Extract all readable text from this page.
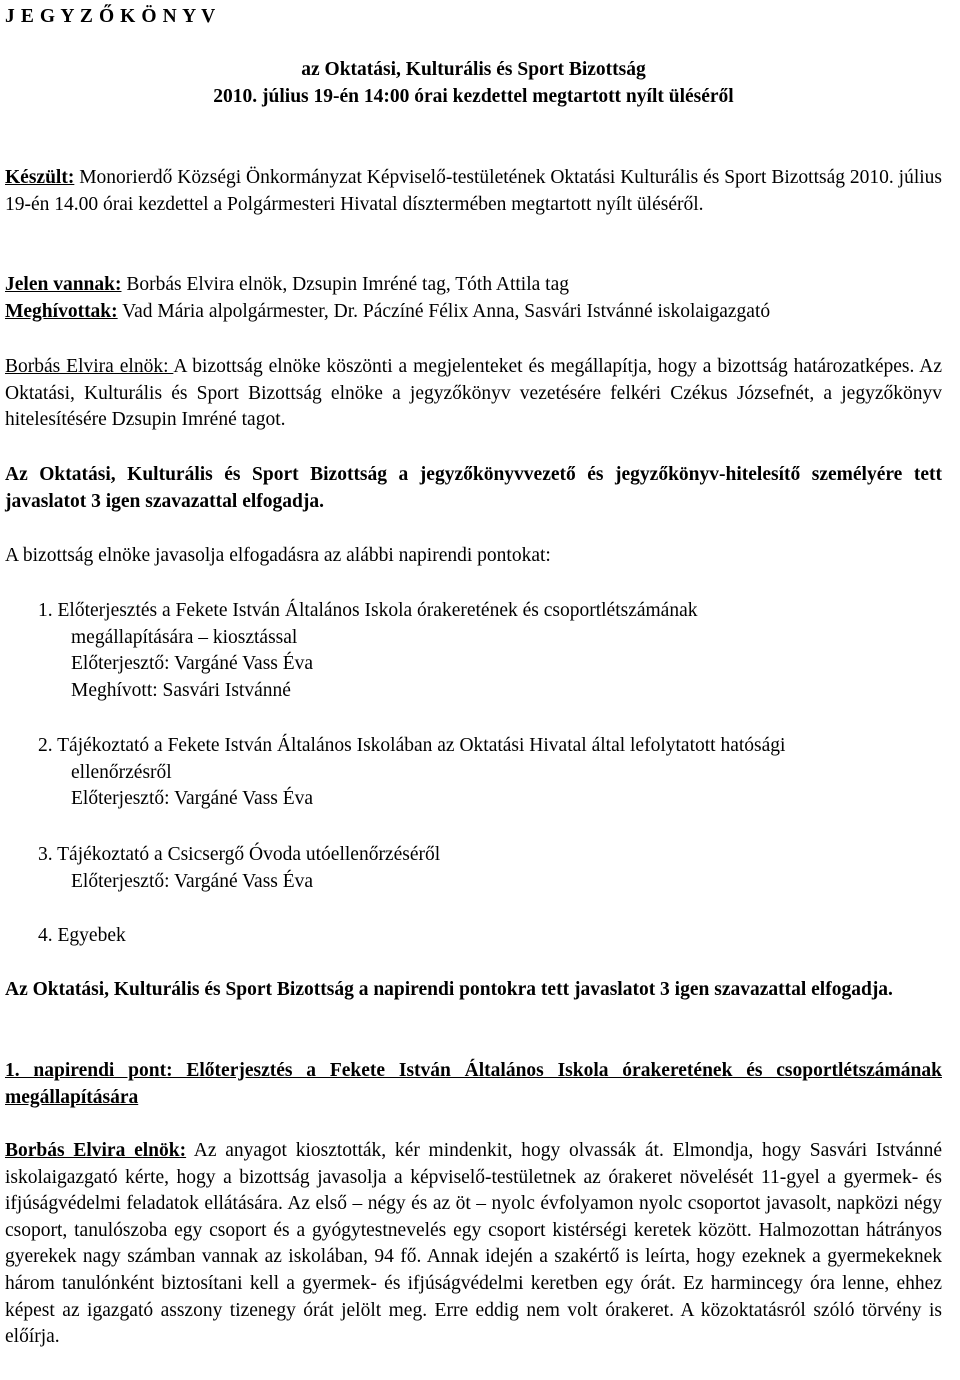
J E G Y Z Ő K Ö N Y V

az Oktatási, Kulturális és Sport Bizottság

2010. július 19-én 14:00 órai kezdettel megtartott nyílt üléséről

Készült: Monorierdő Községi Önkormányzat Képviselő-testületének Oktatási Kulturális és Sport Bizottság 2010. július 19-én 14.00 órai kezdettel a Polgármesteri Hivatal dísztermében megtartott nyílt üléséről.

Jelen vannak: Borbás Elvira elnök, Dzsupin Imréné tag, Tóth Attila tag

Meghívottak: Vad Mária alpolgármester, Dr. Páczíné Félix Anna, Sasvári Istvánné iskolaigazgató

Borbás Elvira elnök: A bizottság elnöke köszönti a megjelenteket és megállapítja, hogy a bizottság határozatképes. Az Oktatási, Kulturális és Sport Bizottság elnöke a jegyzőkönyv vezetésére felkéri Czékus Józsefnét, a jegyzőkönyv hitelesítésére Dzsupin Imréné tagot.

Az Oktatási, Kulturális és Sport Bizottság a jegyzőkönyvvezető és jegyzőkönyv-hitelesítő személyére tett javaslatot 3 igen szavazattal elfogadja.

A bizottság elnöke javasolja elfogadásra az alábbi napirendi pontokat:

1. Előterjesztés a Fekete István Általános Iskola órakeretének és csoportlétszámának

megállapítására – kiosztással

Előterjesztő: Vargáné Vass Éva

Meghívott: Sasvári Istvánné

2. Tájékoztató a Fekete István Általános Iskolában az Oktatási Hivatal által lefolytatott hatósági

ellenőrzésről

Előterjesztő: Vargáné Vass Éva

3. Tájékoztató a Csicsergő Óvoda utóellenőrzéséről

Előterjesztő: Vargáné Vass Éva

4. Egyebek

Az Oktatási, Kulturális és Sport Bizottság a napirendi pontokra tett javaslatot 3 igen szavazattal elfogadja.

1. napirendi pont: Előterjesztés a Fekete István Általános Iskola órakeretének és csoportlétszámának megállapítására

Borbás Elvira elnök: Az anyagot kiosztották, kér mindenkit, hogy olvassák át. Elmondja, hogy Sasvári Istvánné iskolaigazgató kérte, hogy a bizottság javasolja a képviselő-testületnek az órakeret növelését 11-gyel a gyermek- és ifjúságvédelmi feladatok ellátására. Az első – négy és az öt – nyolc évfolyamon nyolc csoportot javasolt, napközi négy csoport, tanulószoba egy csoport és a gyógytestnevelés egy csoport kistérségi keretek között. Halmozottan hátrányos gyerekek nagy számban vannak az iskolában, 94 fő. Annak idején a szakértő is leírta, hogy ezeknek a gyermekeknek három tanulónként biztosítani kell a gyermek- és ifjúságvédelmi keretben egy órát. Ez harmincegy óra lenne, ehhez képest az igazgató asszony tizenegy órát jelölt meg. Erre eddig nem volt órakeret. A közoktatásról szóló törvény is előírja.
